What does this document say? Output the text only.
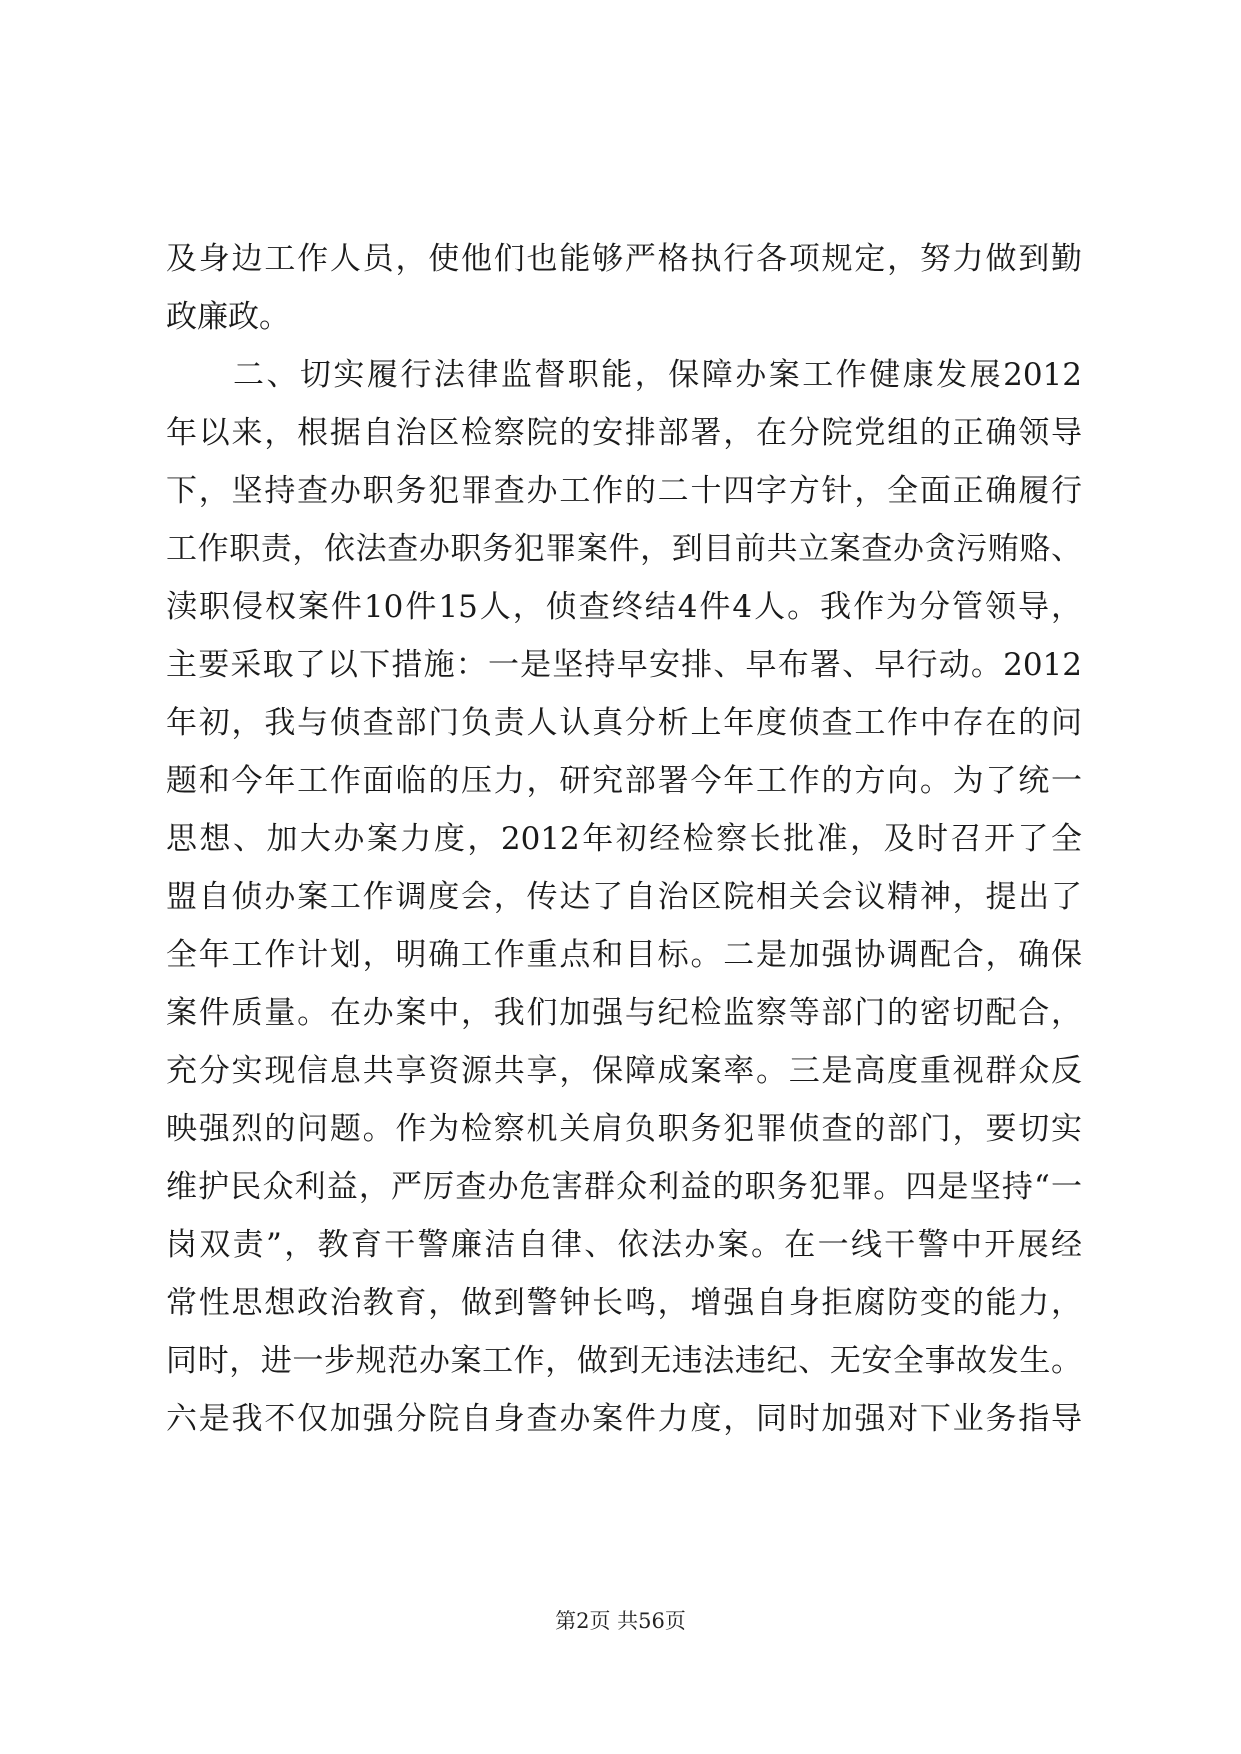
及身边工作人员，使他们也能够严格执行各项规定，努力做到勤
政廉政。
　　二、切实履行法律监督职能，保障办案工作健康发展2012
年以来，根据自治区检察院的安排部署，在分院党组的正确领导
下，坚持查办职务犯罪查办工作的二十四字方针，全面正确履行
工作职责，依法查办职务犯罪案件，到目前共立案查办贪污贿赂、
渎职侵权案件10件15人，侦查终结4件4人。我作为分管领导，
主要采取了以下措施：一是坚持早安排、早布署、早行动。2012
年初，我与侦查部门负责人认真分析上年度侦查工作中存在的问
题和今年工作面临的压力，研究部署今年工作的方向。为了统一
思想、加大办案力度，2012年初经检察长批准，及时召开了全
盟自侦办案工作调度会，传达了自治区院相关会议精神，提出了
全年工作计划，明确工作重点和目标。二是加强协调配合，确保
案件质量。在办案中，我们加强与纪检监察等部门的密切配合，
充分实现信息共享资源共享，保障成案率。三是高度重视群众反
映强烈的问题。作为检察机关肩负职务犯罪侦查的部门，要切实
维护民众利益，严厉查办危害群众利益的职务犯罪。四是坚持“一
岗双责”，教育干警廉洁自律、依法办案。在一线干警中开展经
常性思想政治教育，做到警钟长鸣，增强自身拒腐防变的能力，
同时，进一步规范办案工作，做到无违法违纪、无安全事故发生。
六是我不仅加强分院自身查办案件力度，同时加强对下业务指导
第2页 共56页
